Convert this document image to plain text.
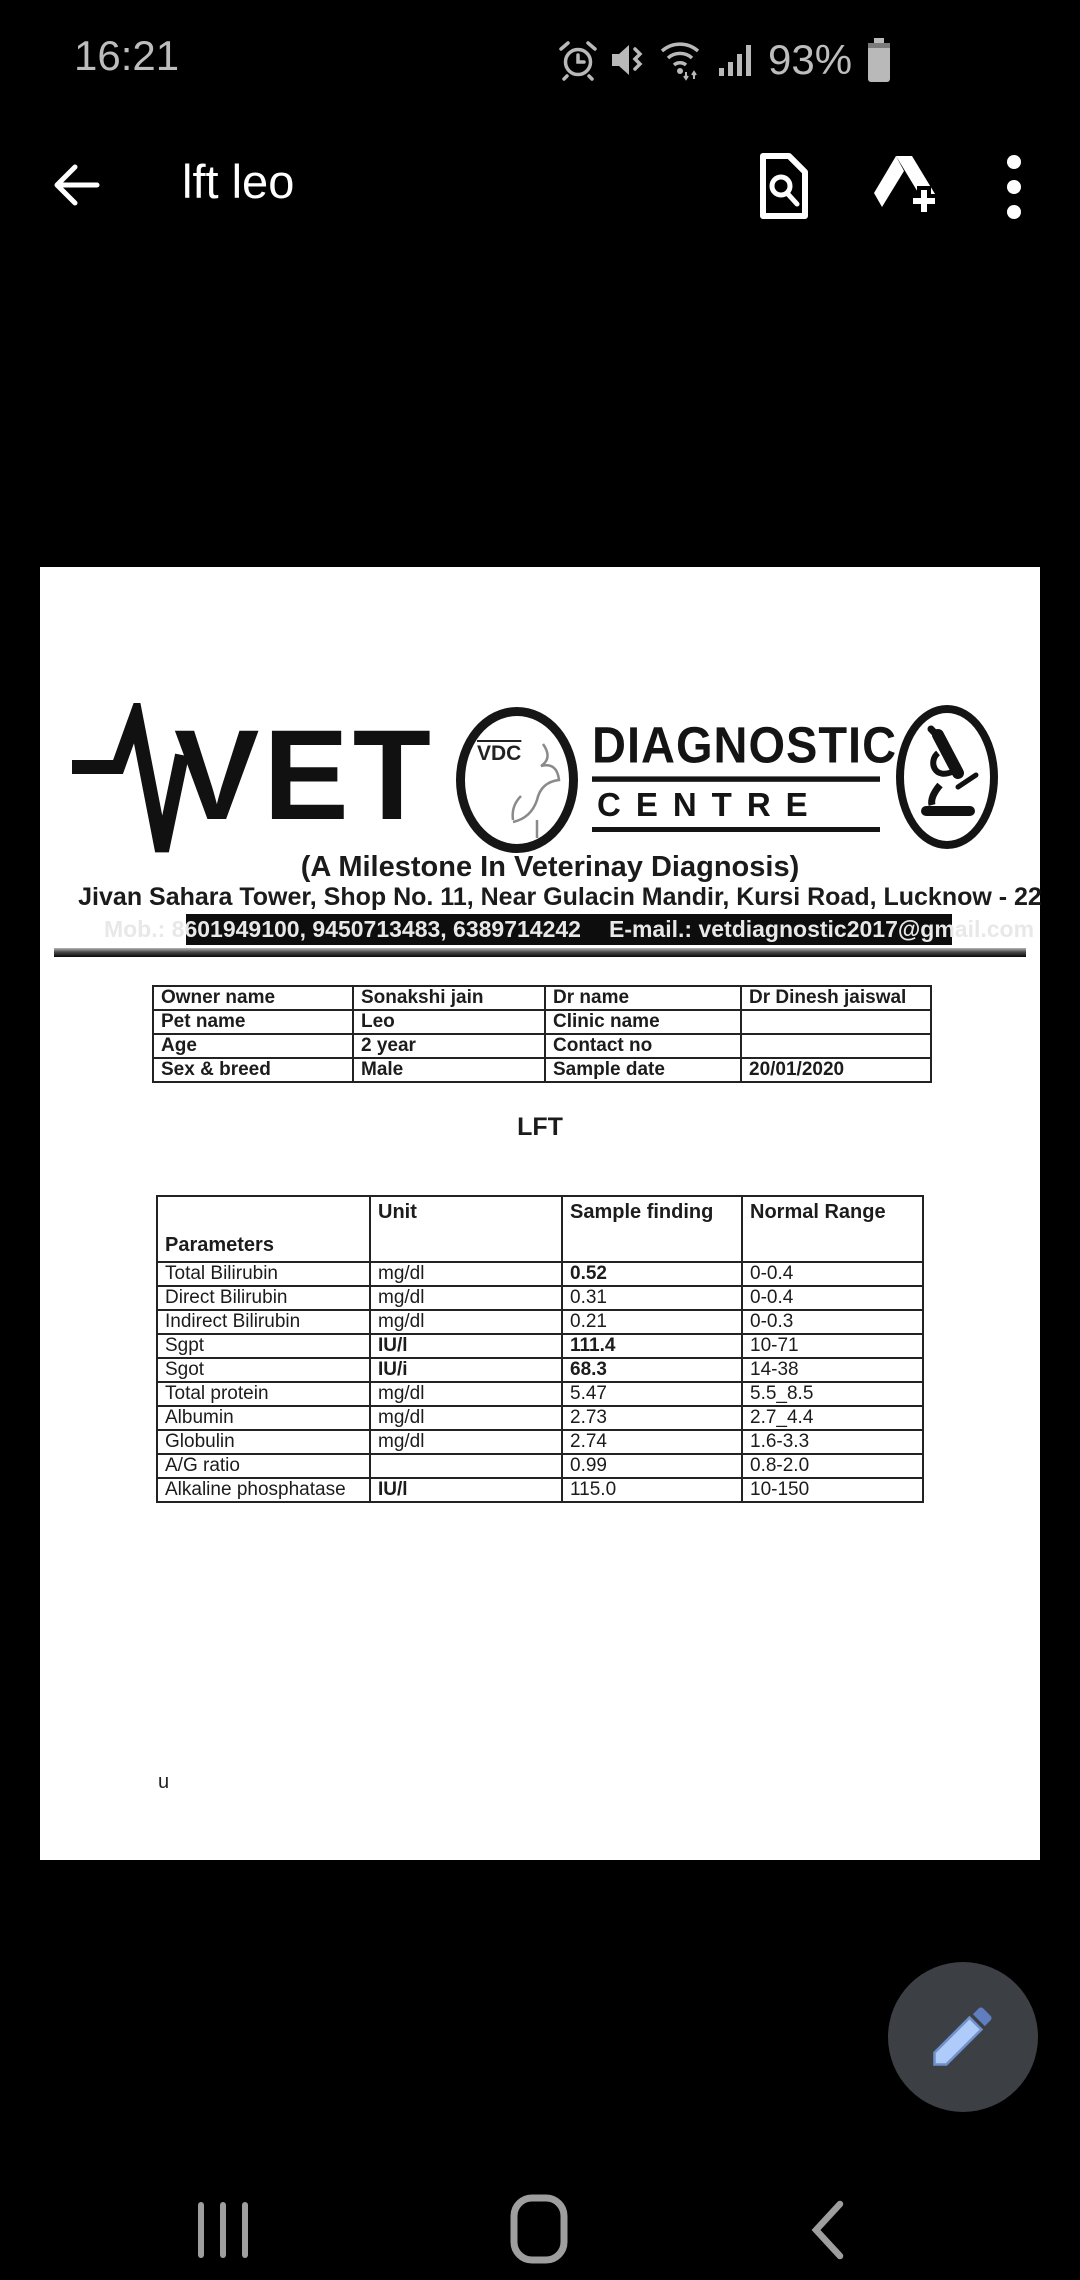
16:21	93%
lft leo
VET $\overline{VDC}$ DIAGNOSTIC
CENTRE
(A Milestone In Veterinay Diagnosis)
Jivan Sahara Tower, Shop No. 11, Near Gulacin Mandir, Kursi Road, Lucknow - 22
Mob.: 8601949100, 9450713483, 6389714242 E-mail.: vetdiagnostic2017@gmail.com
Owner name	Sonakshi jain	Dr name	Dr Dinesh jaiswal
Pet name	Leo	Clinic name	
Age	2 year	Contact no	
Sex & breed	Male	Sample date	20/01/2020
LFT
Parameters	Unit	Sample finding	Normal Range
Total Bilirubin	mg/dl	0.52	0-0.4
Direct Bilirubin	mg/dl	0.31	0-0.4
Indirect Bilirubin	mg/dl	0.21	0-0.3
Sgpt	IU/l	111.4	10-71
Sgot	IU/i	68.3	14-38
Total protein	mg/dl	5.47	5.5_8.5
Albumin	mg/dl	2.73	2.7_4.4
Globulin	mg/dl	2.74	1.6-3.3
A/G ratio		0.99	0.8-2.0
Alkaline phosphatase	IU/l	115.0	10-150
u
